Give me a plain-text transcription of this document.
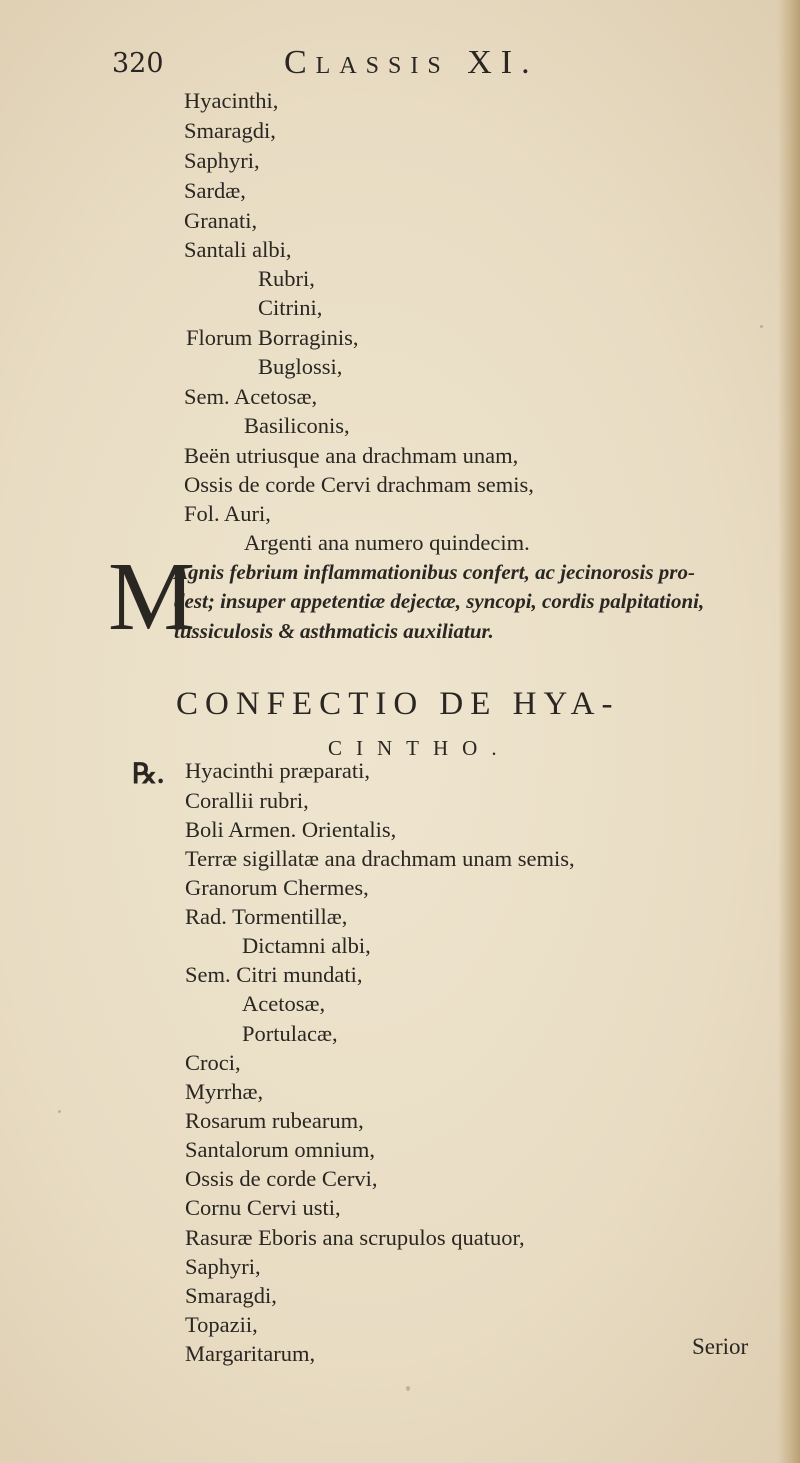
320	Classis XI.
Hyacinthi,
Smaragdi,
Saphyri,
Sardæ,
Granati,
Santali albi,
Rubri,
Citrini,
Florum Borraginis,
Buglossi,
Sem. Acetosæ,
Basiliconis,
Beën utriusque ana drachmam unam,
Ossis de corde Cervi drachmam semis,
Fol. Auri,
Argenti ana numero quindecim.
M
Agnis febrium inflammationibus confert, ac jecinorosis pro-
dest; insuper appetentiæ dejectæ, syncopi, cordis palpitationi,
tussiculosis & asthmaticis auxiliatur.
CONFECTIO DE HYA-
CINTHO.
℞. Hyacinthi præparati,
Corallii rubri,
Boli Armen. Orientalis,
Terræ sigillatæ ana drachmam unam semis,
Granorum Chermes,
Rad. Tormentillæ,
Dictamni albi,
Sem. Citri mundati,
Acetosæ,
Portulacæ,
Croci,
Myrrhæ,
Rosarum rubearum,
Santalorum omnium,
Ossis de corde Cervi,
Cornu Cervi usti,
Rasuræ Eboris ana scrupulos quatuor,
Saphyri,
Smaragdi,
Topazii,
Margaritarum,	Serior
